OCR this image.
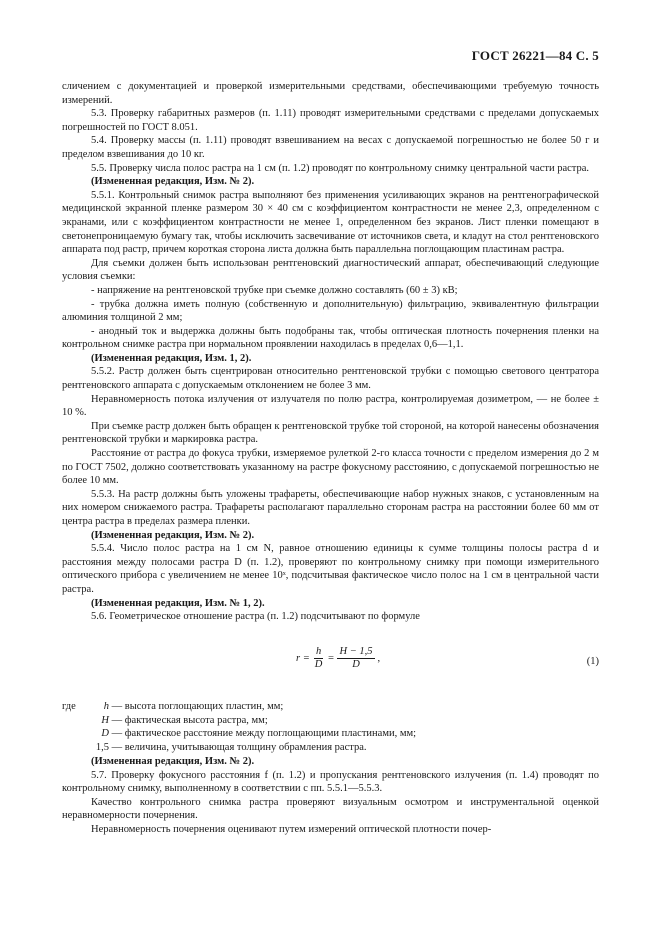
ГОСТ 26221—84 С. 5

сличением с документацией и проверкой измерительными средствами, обеспечивающими требуемую точность измерений.

5.3. Проверку габаритных размеров (п. 1.11) проводят измерительными средствами с пределами допускаемых погрешностей по ГОСТ 8.051.

5.4. Проверку массы (п. 1.11) проводят взвешиванием на весах с допускаемой погрешностью не более 50 г и пределом взвешивания до 10 кг.

5.5. Проверку числа полос растра на 1 см (п. 1.2) проводят по контрольному снимку центральной части растра.

(Измененная редакция, Изм. № 2).

5.5.1. Контрольный снимок растра выполняют без применения усиливающих экранов на рентгенографической медицинской экранной пленке размером 30 × 40 см с коэффициентом контрастности не менее 2,3, определенном с экранами, или с коэффициентом контрастности не менее 1, определенном без экранов. Лист пленки помещают в светонепроницаемую бумагу так, чтобы исключить засвечивание от источников света, и кладут на стол рентгеновского аппарата под растр, причем короткая сторона листа должна быть параллельна поглощающим пластинам растра.

Для съемки должен быть использован рентгеновский диагностический аппарат, обеспечивающий следующие условия съемки:

- напряжение на рентгеновской трубке при съемке должно составлять (60 ± 3) кВ;

- трубка должна иметь полную (собственную и дополнительную) фильтрацию, эквивалентную фильтрации алюминия толщиной 2 мм;

- анодный ток и выдержка должны быть подобраны так, чтобы оптическая плотность почернения пленки на контрольном снимке растра при нормальном проявлении находилась в пределах 0,6—1,1.

(Измененная редакция, Изм. 1, 2).

5.5.2. Растр должен быть сцентрирован относительно рентгеновской трубки с помощью светового центратора рентгеновского аппарата с допускаемым отклонением не более 3 мм.

Неравномерность потока излучения от излучателя по полю растра, контролируемая дозиметром, — не более ± 10 %.

При съемке растр должен быть обращен к рентгеновской трубке той стороной, на которой нанесены обозначения рентгеновской трубки и маркировка растра.

Расстояние от растра до фокуса трубки, измеряемое рулеткой 2-го класса точности с пределом измерения до 2 м по ГОСТ 7502, должно соответствовать указанному на растре фокусному расстоянию, с допускаемой погрешностью не более 10 мм.

5.5.3. На растр должны быть уложены трафареты, обеспечивающие набор нужных знаков, с установленным на них номером снижаемого растра. Трафареты располагают параллельно сторонам растра на расстоянии более 60 мм от центра растра в пределах размера пленки.

(Измененная редакция, Изм. № 2).

5.5.4. Число полос растра на 1 см N, равное отношению единицы к сумме толщины полосы растра d и расстояния между полосами растра D (п. 1.2), проверяют по контрольному снимку при помощи измерительного оптического прибора с увеличением не менее 10ˣ, подсчитывая фактическое число полос на 1 см в центральной части растра.

(Измененная редакция, Изм. № 1, 2).

5.6. Геометрическое отношение растра (п. 1.2) подсчитывают по формуле

$r = \frac{h}{D} = \frac{H - 1,5}{D}$ ,	(1)
где	h — высота поглощающих пластин, мм;
H — фактическая высота растра, мм;
D — фактическое расстояние между поглощающими пластинами, мм;
1,5 — величина, учитывающая толщину обрамления растра.

(Измененная редакция, Изм. № 2).

5.7. Проверку фокусного расстояния f (п. 1.2) и пропускания рентгеновского излучения (п. 1.4) проводят по контрольному снимку, выполненному в соответствии с пп. 5.5.1—5.5.3.

Качество контрольного снимка растра проверяют визуальным осмотром и инструментальной оценкой неравномерности почернения.

Неравномерность почернения оценивают путем измерений оптической плотности почер-
